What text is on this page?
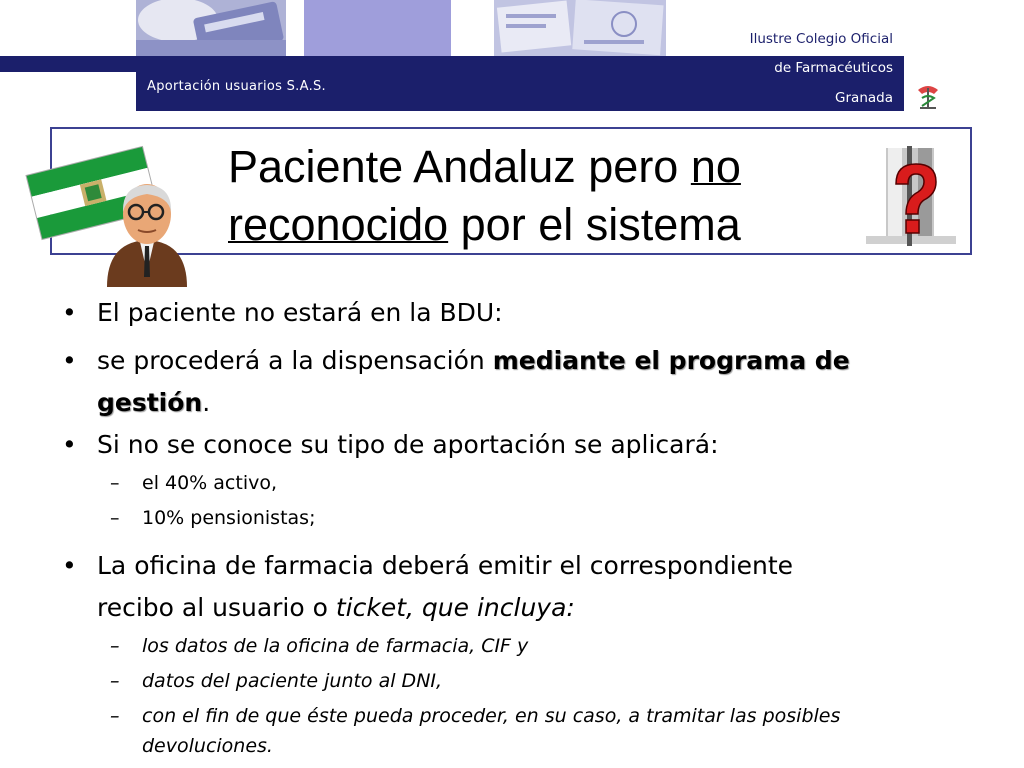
Aportación usuarios S.A.S.
Ilustre Colegio Oficial
de Farmacéuticos
Granada
Paciente Andaluz pero no
reconocido por el sistema
• El paciente no estará en la BDU:
• se procederá a la dispensación mediante el programa de
gestión.
• Si no se conoce su tipo de aportación se aplicará:
– el 40% activo,
– 10% pensionistas;
• La oficina de farmacia deberá emitir el correspondiente
recibo al usuario o ticket, que incluya:
– los datos de la oficina de farmacia, CIF y
– datos del paciente junto al DNI,
– con el fin de que éste pueda proceder, en su caso, a tramitar las posibles
devoluciones.
